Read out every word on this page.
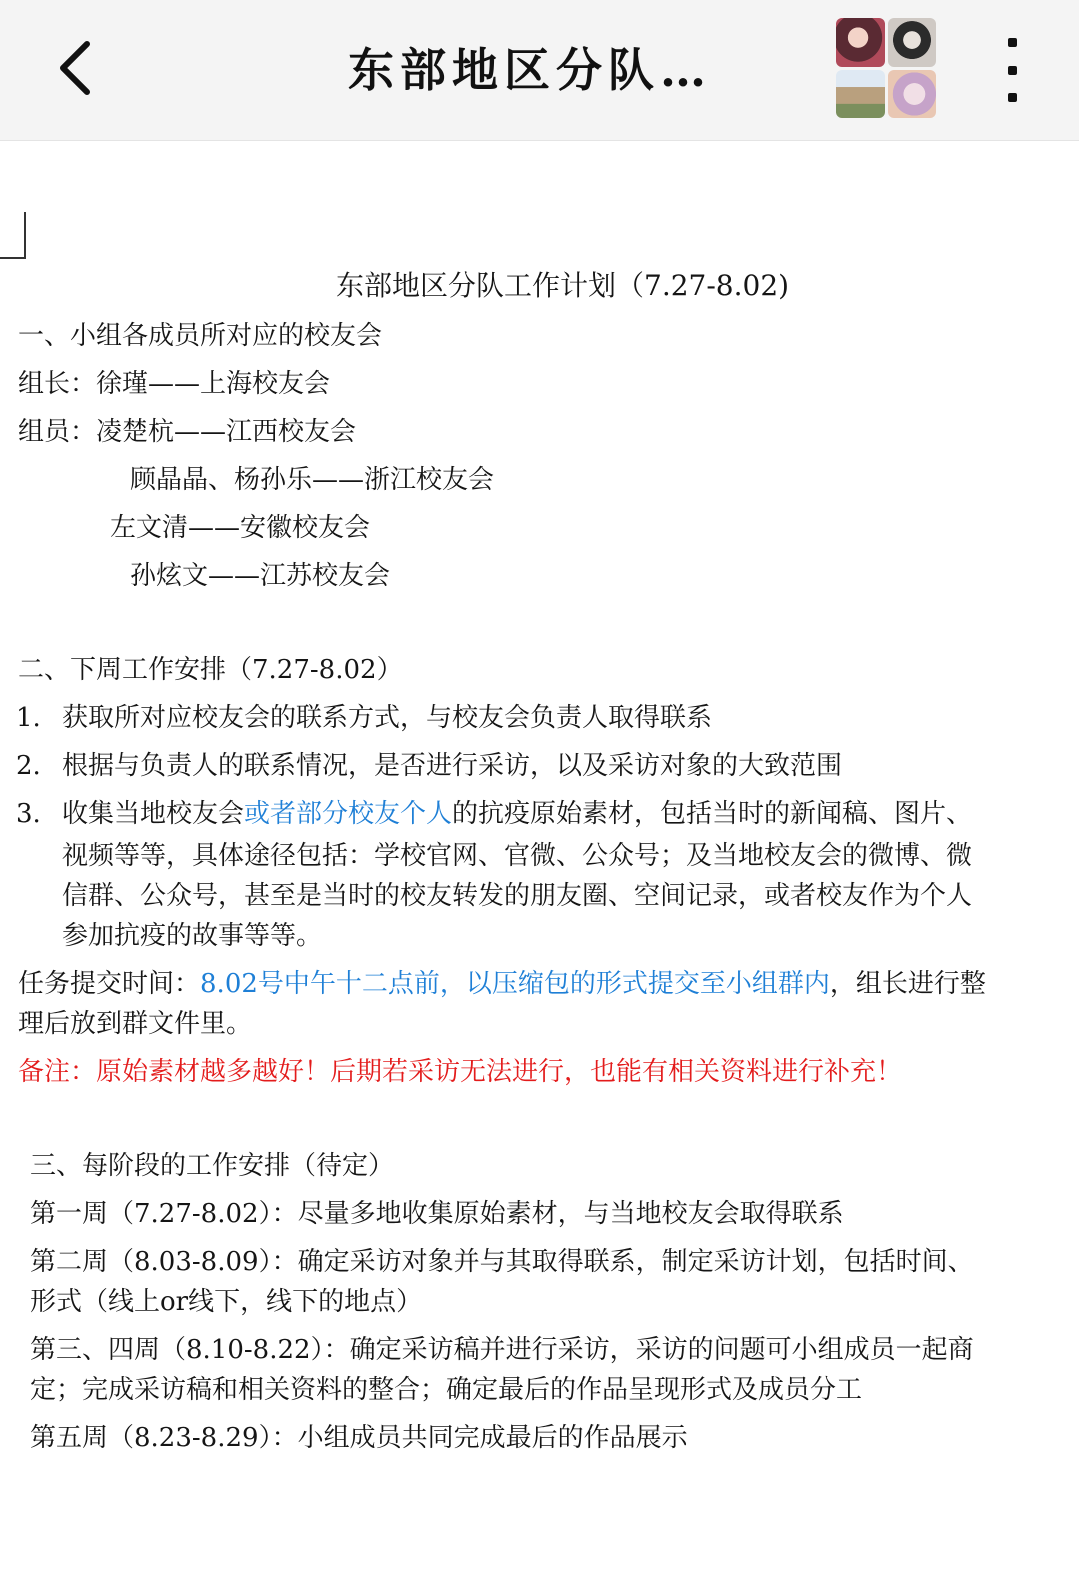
东部地区分队…
东部地区分队工作计划（7.27-8.02)
一、小组各成员所对应的校友会
组长：徐瑾——上海校友会
组员：凌楚杭——江西校友会
顾晶晶、杨孙乐——浙江校友会
左文清——安徽校友会
孙炫文——江苏校友会
二、下周工作安排（7.27-8.02）
1. 获取所对应校友会的联系方式，与校友会负责人取得联系
2. 根据与负责人的联系情况，是否进行采访，以及采访对象的大致范围
3. 收集当地校友会或者部分校友个人的抗疫原始素材，包括当时的新闻稿、图片、
视频等等，具体途径包括：学校官网、官微、公众号；及当地校友会的微博、微
信群、公众号，甚至是当时的校友转发的朋友圈、空间记录，或者校友作为个人
参加抗疫的故事等等。
任务提交时间：8.02号中午十二点前，以压缩包的形式提交至小组群内，组长进行整
理后放到群文件里。
备注：原始素材越多越好！后期若采访无法进行，也能有相关资料进行补充！
三、每阶段的工作安排（待定）
第一周（7.27-8.02）：尽量多地收集原始素材，与当地校友会取得联系
第二周（8.03-8.09）：确定采访对象并与其取得联系，制定采访计划，包括时间、
形式（线上or线下，线下的地点）
第三、四周（8.10-8.22）：确定采访稿并进行采访，采访的问题可小组成员一起商
定；完成采访稿和相关资料的整合；确定最后的作品呈现形式及成员分工
第五周（8.23-8.29）：小组成员共同完成最后的作品展示
